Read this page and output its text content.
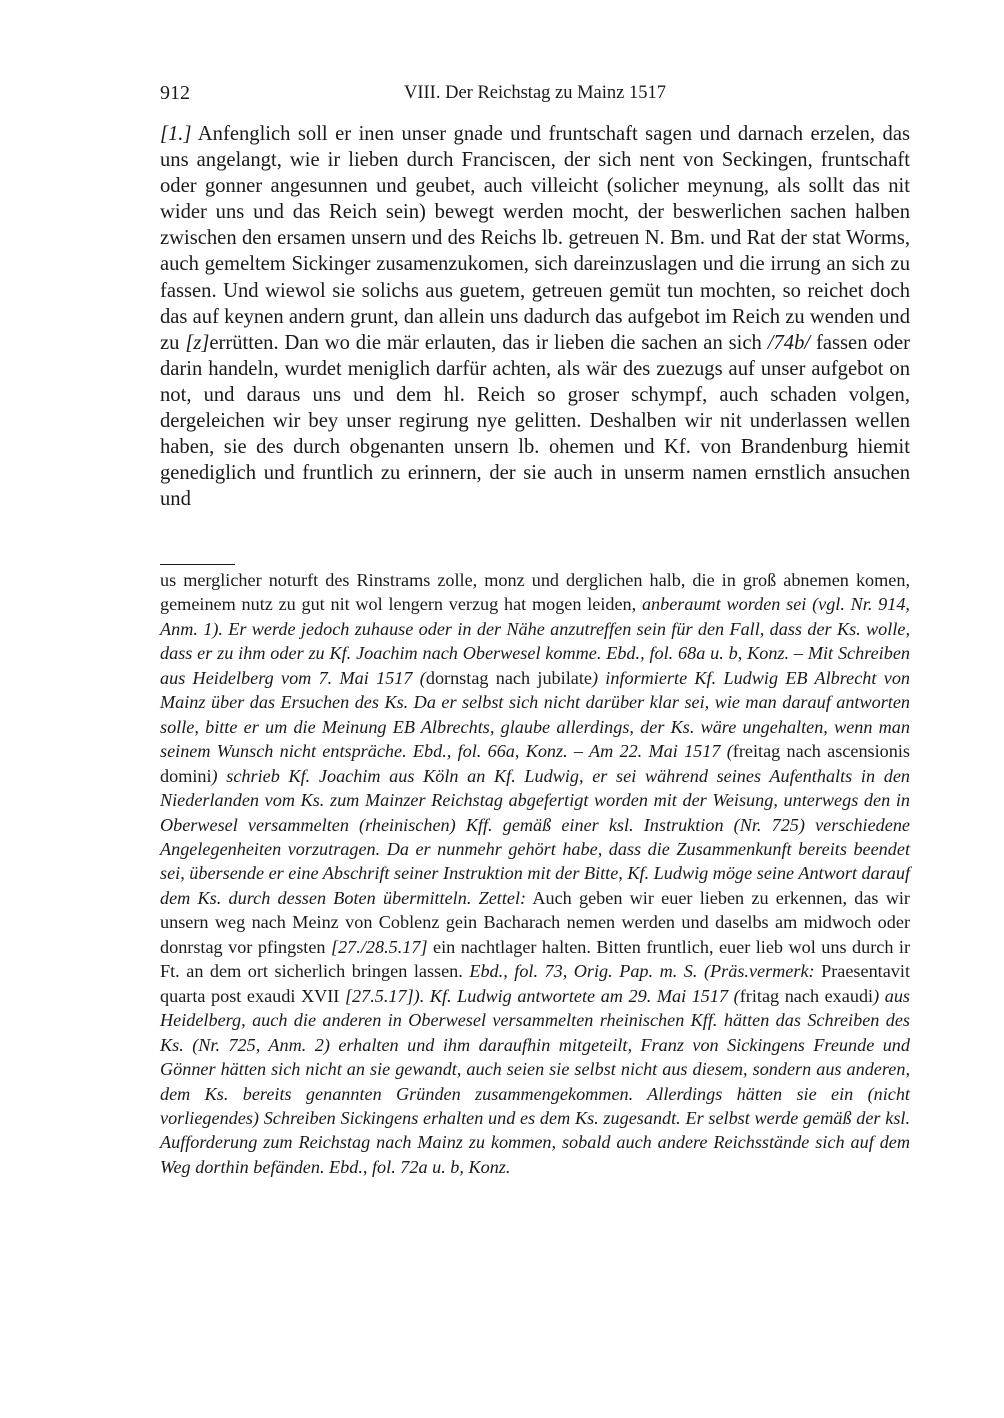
912	VIII. Der Reichstag zu Mainz 1517

[1.] Anfenglich soll er inen unser gnade und fruntschaft sagen und darnach erzelen, das uns angelangt, wie ir lieben durch Franciscen, der sich nent von Seckingen, fruntschaft oder gonner angesunnen und geubet, auch villeicht (solicher meynung, als sollt das nit wider uns und das Reich sein) bewegt werden mocht, der beswerlichen sachen halben zwischen den ersamen unsern und des Reichs lb. getreuen N. Bm. und Rat der stat Worms, auch gemeltem Sickinger zusamenzukomen, sich dareinzuslagen und die irrung an sich zu fassen. Und wiewol sie solichs aus guetem, getreuen gemüt tun mochten, so reichet doch das auf keynen andern grunt, dan allein uns dadurch das aufgebot im Reich zu wenden und zu [z]errütten. Dan wo die mär erlauten, das ir lieben die sachen an sich /74b/ fassen oder darin handeln, wurdet meniglich darfür achten, als wär des zuezugs auf unser aufgebot on not, und daraus uns und dem hl. Reich so groser schympf, auch schaden volgen, dergeleichen wir bey unser regirung nye gelitten. Deshalben wir nit underlassen wellen haben, sie des durch obgenanten unsern lb. ohemen und Kf. von Brandenburg hiemit genediglich und fruntlich zu erinnern, der sie auch in unserm namen ernstlich ansuchen und

us merglicher noturft des Rinstrams zolle, monz und derglichen halb, die in groß abnemen komen, gemeinem nutz zu gut nit wol lengern verzug hat mogen leiden, anberaumt worden sei (vgl. Nr. 914, Anm. 1). Er werde jedoch zuhause oder in der Nähe anzutreffen sein für den Fall, dass der Ks. wolle, dass er zu ihm oder zu Kf. Joachim nach Oberwesel komme. Ebd., fol. 68a u. b, Konz. – Mit Schreiben aus Heidelberg vom 7. Mai 1517 (dornstag nach jubilate) informierte Kf. Ludwig EB Albrecht von Mainz über das Ersuchen des Ks. Da er selbst sich nicht darüber klar sei, wie man darauf antworten solle, bitte er um die Meinung EB Albrechts, glaube allerdings, der Ks. wäre ungehalten, wenn man seinem Wunsch nicht entspräche. Ebd., fol. 66a, Konz. – Am 22. Mai 1517 (freitag nach ascensionis domini) schrieb Kf. Joachim aus Köln an Kf. Ludwig, er sei während seines Aufenthalts in den Niederlanden vom Ks. zum Mainzer Reichstag abgefertigt worden mit der Weisung, unterwegs den in Oberwesel versammelten (rheinischen) Kff. gemäß einer ksl. Instruktion (Nr. 725) verschiedene Angelegenheiten vorzutragen. Da er nunmehr gehört habe, dass die Zusammenkunft bereits beendet sei, übersende er eine Abschrift seiner Instruktion mit der Bitte, Kf. Ludwig möge seine Antwort darauf dem Ks. durch dessen Boten übermitteln. Zettel: Auch geben wir euer lieben zu erkennen, das wir unsern weg nach Meinz von Coblenz gein Bacharach nemen werden und daselbs am midwoch oder donrstag vor pfingsten [27./28.5.17] ein nachtlager halten. Bitten fruntlich, euer lieb wol uns durch ir Ft. an dem ort sicherlich bringen lassen. Ebd., fol. 73, Orig. Pap. m. S. (Präs.vermerk: Praesentavit quarta post exaudi XVII [27.5.17]). Kf. Ludwig antwortete am 29. Mai 1517 (fritag nach exaudi) aus Heidelberg, auch die anderen in Oberwesel versammelten rheinischen Kff. hätten das Schreiben des Ks. (Nr. 725, Anm. 2) erhalten und ihm daraufhin mitgeteilt, Franz von Sickingens Freunde und Gönner hätten sich nicht an sie gewandt, auch seien sie selbst nicht aus diesem, sondern aus anderen, dem Ks. bereits genannten Gründen zusammengekommen. Allerdings hätten sie ein (nicht vorliegendes) Schreiben Sickingens erhalten und es dem Ks. zugesandt. Er selbst werde gemäß der ksl. Aufforderung zum Reichstag nach Mainz zu kommen, sobald auch andere Reichsstände sich auf dem Weg dorthin befänden. Ebd., fol. 72a u. b, Konz.
